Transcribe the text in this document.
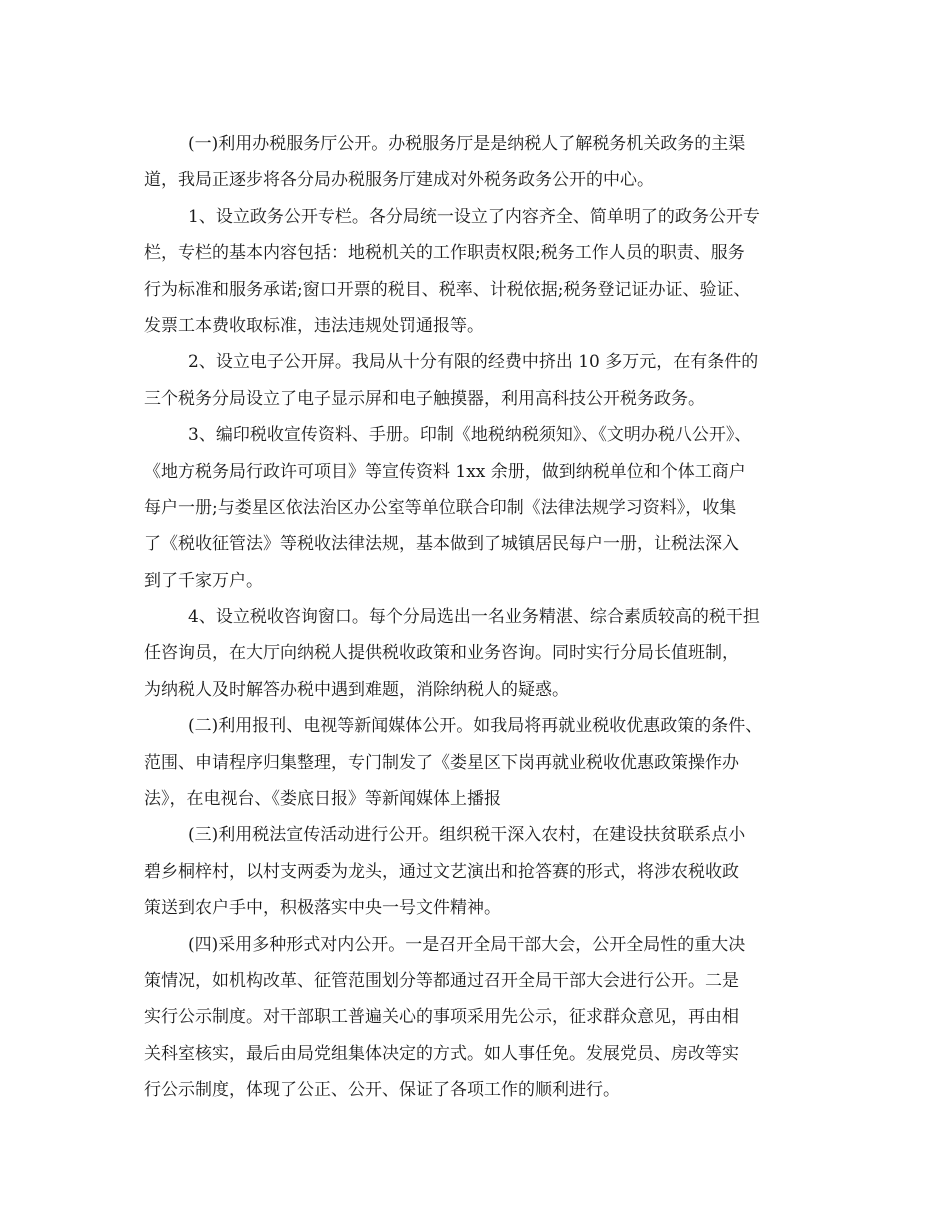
(一)利用办税服务厅公开。办税服务厅是是纳税人了解税务机关政务的主渠
道，我局正逐步将各分局办税服务厅建成对外税务政务公开的中心。
1、设立政务公开专栏。各分局统一设立了内容齐全、简单明了的政务公开专
栏，专栏的基本内容包括：地税机关的工作职责权限;税务工作人员的职责、服务
行为标准和服务承诺;窗口开票的税目、税率、计税依据;税务登记证办证、验证、
发票工本费收取标准，违法违规处罚通报等。
2、设立电子公开屏。我局从十分有限的经费中挤出 10 多万元，在有条件的
三个税务分局设立了电子显示屏和电子触摸器，利用高科技公开税务政务。
3、编印税收宣传资料、手册。印制《地税纳税须知》、《文明办税八公开》、
《地方税务局行政许可项目》等宣传资料 1xx 余册，做到纳税单位和个体工商户
每户一册;与娄星区依法治区办公室等单位联合印制《法律法规学习资料》，收集
了《税收征管法》等税收法律法规，基本做到了城镇居民每户一册，让税法深入
到了千家万户。
4、设立税收咨询窗口。每个分局选出一名业务精湛、综合素质较高的税干担
任咨询员，在大厅向纳税人提供税收政策和业务咨询。同时实行分局长值班制，
为纳税人及时解答办税中遇到难题，消除纳税人的疑惑。
(二)利用报刊、电视等新闻媒体公开。如我局将再就业税收优惠政策的条件、
范围、申请程序归集整理，专门制发了《娄星区下岗再就业税收优惠政策操作办
法》，在电视台、《娄底日报》等新闻媒体上播报
(三)利用税法宣传活动进行公开。组织税干深入农村，在建设扶贫联系点小
碧乡桐梓村，以村支两委为龙头，通过文艺演出和抢答赛的形式，将涉农税收政
策送到农户手中，积极落实中央一号文件精神。
(四)采用多种形式对内公开。一是召开全局干部大会，公开全局性的重大决
策情况，如机构改革、征管范围划分等都通过召开全局干部大会进行公开。二是
实行公示制度。对干部职工普遍关心的事项采用先公示，征求群众意见，再由相
关科室核实，最后由局党组集体决定的方式。如人事任免。发展党员、房改等实
行公示制度，体现了公正、公开、保证了各项工作的顺利进行。
